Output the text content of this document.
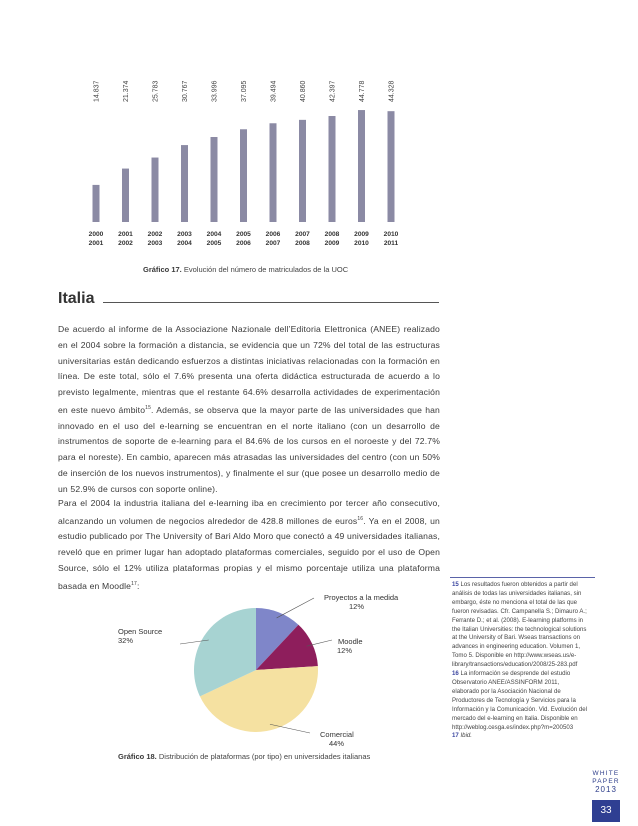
14.837
2000
2001
21.374
2001
2002
25.783
2002
2003
30.767
2003
2004
33.996
2004
2005
37.095
2005
2006
39.494
2006
2007
40.860
2007
2008
42.397
2008
2009
44.778
2009
2010
44.328
2010
2011
Gráfico 17. Evolución del número de matriculados de la UOC
Italia
De acuerdo al informe de la Associazione Nazionale dell’Editoria Elettronica (ANEE) realizado en el 2004 sobre la formación a distancia, se evidencia que un 72% del total de las estructuras universitarias están dedicando esfuerzos a distintas iniciativas relacionadas con la formación en línea. De este total, sólo el 7.6% presenta una oferta didáctica estructurada de acuerdo a lo previsto legalmente, mientras que el restante 64.6% desarrolla actividades de experimentación en este nuevo ámbito$^{15}$. Además, se observa que la mayor parte de las universidades que han innovado en el uso del e-learning se encuentran en el norte italiano (con un desarrollo de instrumentos de soporte de e-learning para el 84.6% de los cursos en el noroeste y del 72.7% para el noreste). En cambio, aparecen más atrasadas las universidades del centro (con un 50% de inserción de los nuevos instrumentos), y finalmente el sur (que posee un desarrollo medio de un 52.9% de cursos con soporte online).
Para el 2004 la industria italiana del e-learning iba en crecimiento por tercer año consecutivo, alcanzando un volumen de negocios alrededor de 428.8 millones de euros$^{16}$. Ya en el 2008, un estudio publicado por The University of Bari Aldo Moro que conectó a 49 universidades italianas, reveló que en primer lugar han adoptado plataformas comerciales, seguido por el uso de Open Source, sólo el 12% utiliza plataformas propias y el mismo porcentaje utiliza una plataforma basada en Moodle$^{17}$:
Proyectos a la medida
12%
Moodle
12%
Comercial
44%
Open Source
32%
Gráfico 18. Distribución de plataformas (por tipo) en universidades italianas
15 Los resultados fueron obtenidos a partir del análisis de todas las universidades italianas, sin embargo, éste no menciona el total de las que fueron revisadas. Cfr. Campanella S.; Dimauro A.; Ferrante D.; et al. (2008). E-learning platforms in the Italian Universities: the technological solutions at the University of Bari. Wseas transactions on advances in engineering education. Volumen 1, Tomo 5. Disponible en http://www.wseas.us/e-library/transactions/education/2008/25-283.pdf
16 La información se desprende del estudio Observatorio ANEE/ASSINFORM 2011, elaborado por la Asociación Nacional de Productores de Tecnología y Servicios para la Información y la Comunicación. Vid. Evolución del mercado del e-learning en Italia. Disponible en http://weblog.cesga.es/index.php?m=200503
17 Ibid.
WHITE
PAPER
2013
33
